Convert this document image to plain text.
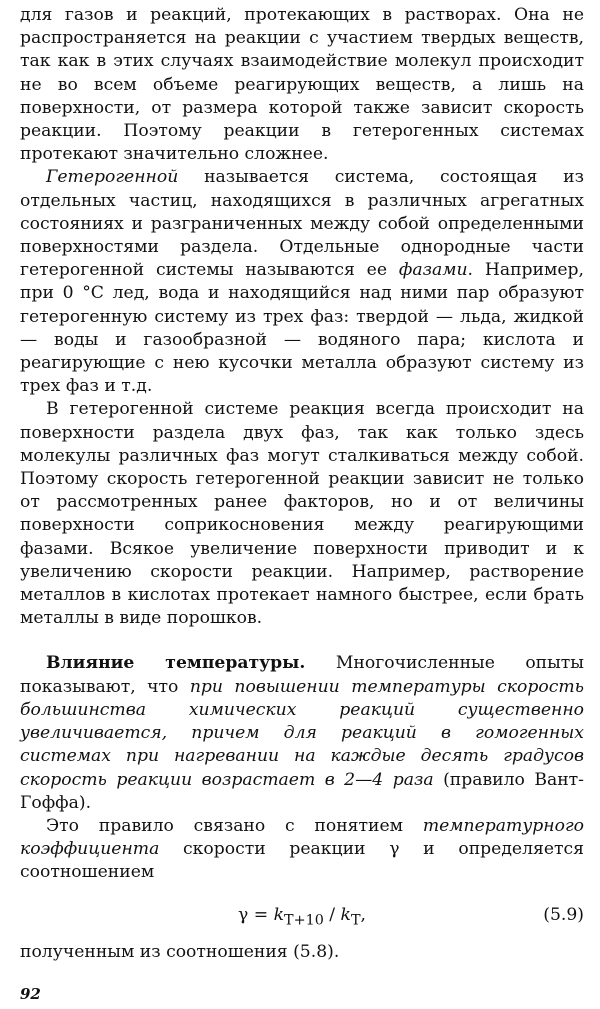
для газов и реакций, протекающих в растворах. Она не распространяется на реакции с участием твердых веществ, так как в этих случаях взаимодействие молекул происходит не во всем объеме реагирующих веществ, а лишь на поверхности, от размера которой также зависит скорость реакции. Поэтому реакции в гетерогенных системах протекают значительно сложнее.

Гетерогенной называется система, состоящая из отдельных частиц, находящихся в различных агрегатных состояниях и разграниченных между собой определенными поверхностями раздела. Отдельные однородные части гетерогенной системы называются ее фазами. Например, при 0 °С лед, вода и находящийся над ними пар образуют гетерогенную систему из трех фаз: твердой — льда, жидкой — воды и газообразной — водяного пара; кислота и реагирующие с нею кусочки металла образуют систему из трех фаз и т.д.

В гетерогенной системе реакция всегда происходит на поверхности раздела двух фаз, так как только здесь молекулы различных фаз могут сталкиваться между собой. Поэтому скорость гетерогенной реакции зависит не только от рассмотренных ранее факторов, но и от величины поверхности соприкосновения между реагирующими фазами. Всякое увеличение поверхности приводит и к увеличению скорости реакции. Например, растворение металлов в кислотах протекает намного быстрее, если брать металлы в виде порошков.

Влияние температуры. Многочисленные опыты показывают, что при повышении температуры скорость большинства химических реакций существенно увеличивается, причем для реакций в гомогенных системах при нагревании на каждые десять градусов скорость реакции возрастает в 2—4 раза (правило Вант-Гоффа).

Это правило связано с понятием температурного коэффициента скорости реакции γ и определяется соотношением

$\gamma = k_{T+10} / k_T$,	(5.9)

полученным из соотношения (5.8).

92
